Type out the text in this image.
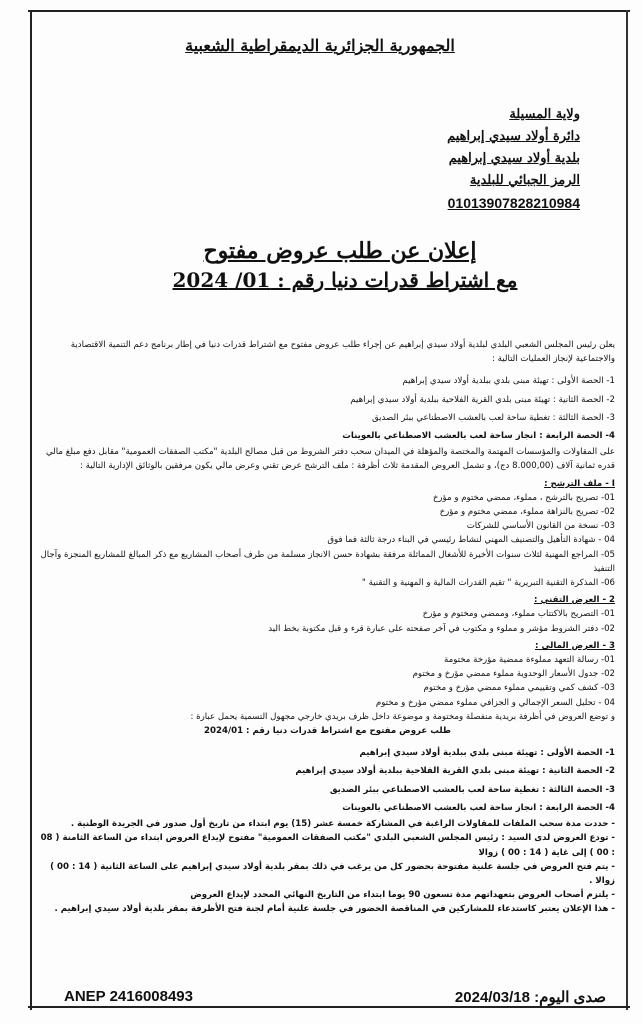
الجمهورية الجزائرية الديمقراطية الشعبية
ولاية المسيلة
دائرة أولاد سيدي إبراهيم
بلدية أولاد سيدي إبراهيم
الرمز الجبائي للبلدية
01013907828210984
إعلان عن طلب عروض مفتوح
مع اشتراط قدرات دنيا رقم : 01/ 2024

يعلن رئيس المجلس الشعبي البلدي لبلدية أولاد سيدي إبراهيم عن إجراء طلب عروض مفتوح مع اشتراط قدرات دنيا في إطار برنامج دعم التنمية الاقتصادية والاجتماعية لإنجاز العمليات التالية :

1- الحصة الأولى : تهيئة مبنى بلدي ببلدية أولاد سيدي إبراهيم

2- الحصة الثانية : تهيئة مبنى بلدي القرية الفلاحية ببلدية أولاد سيدي إبراهيم

3- الحصة الثالثة : تغطية ساحة لعب بالعشب الاصطناعي ببئر الصديق

4- الحصة الرابعة : انجاز ساحة لعب بالعشب الاصطناعي بالعوينات

على المقاولات والمؤسسات المهتمة والمختصة والمؤهلة في الميدان سحب دفتر الشروط من قبل مصالح البلدية "مكتب الصفقات العمومية" مقابل دفع مبلغ مالي قدره ثمانية آلاف (8.000,00 دج)، و تشمل العروض المقدمة ثلاث أظرفة : ملف الترشح عرض تقني وعرض مالي يكون مرفقين بالوثائق الإدارية التالية :

I - ملف الترشح :

01- تصريح بالترشح ، مملوء، ممضي مختوم و مؤرخ

02- تصريح بالنزاهة مملوء، ممضي مختوم و مؤرخ

03- نسخة من القانون الأساسي للشركات

04 - شهادة التأهيل والتصنيف المهني لنشاط رئيسي في البناء درجة ثالثة فما فوق

05- المراجع المهنية لثلاث سنوات الأخيرة للأشغال المماثلة مرفقة بشهادة حسن الانجاز مسلمة من طرف أصحاب المشاريع مع ذكر المبالغ للمشاريع المنجزة وآجال التنفيذ

06- المذكرة التقنية التبريرية " تقيم القدرات المالية و المهنية و التقنية "

2 - العرض التقني :

01- التصريح بالاكتتاب مملوء، وممضي ومختوم و مؤرخ

02- دفتر الشروط مؤشر و مملوء و مكتوب في آخر صفحته على عبارة قرء و قبل مكتوبة بخط اليد

3 - العرض المالي :

01- رسالة التعهد مملوءة ممضية مؤرخة مختومة

02- جدول الأسعار الوحدوية مملوء ممضي مؤرخ و مختوم

03- كشف كمي وتقييمي مملوء ممضي مؤرخ و مختوم

04 - تحليل السعر الإجمالي و الجزافي مملوء ممضي مؤرخ و مختوم

و توضع العروض في أظرفة بريدية منفصلة ومختومة و موضوعة داخل ظرف بريدي خارجي مجهول التسمية يحمل عبارة :

طلب عروض مفتوح مع اشتراط قدرات دنيا رقم : 2024/01

1- الحصة الأولى : تهيئة مبنى بلدي ببلدية أولاد سيدي إبراهيم

2- الحصة الثانية : تهيئة مبنى بلدي القرية الفلاحية ببلدية أولاد سيدي إبراهيم

3- الحصة الثالثة : تغطية ساحة لعب بالعشب الاصطناعي ببئر الصديق

4- الحصة الرابعة : انجاز ساحة لعب بالعشب الاصطناعي بالعوينات

- حددت مدة سحب الملفات للمقاولات الراغبة في المشاركة خمسة عشر (15) يوم ابتداء من تاريخ أول صدور في الجريدة الوطنية .

- تودع العروض لدى السيد : رئيس المجلس الشعبي البلدي "مكتب الصفقات العمومية" مفتوح لإيداع العروض ابتداء من الساعة الثامنة ( 08 : 00 ) إلى غاية ( 14 : 00 ) زوالا

- يتم فتح العروض في جلسة علنية مفتوحة بحضور كل من يرغب في ذلك بمقر بلدية أولاد سيدي إبراهيم على الساعة الثانية ( 14 : 00 ) زوالا .

- يلتزم أصحاب العروض بتعهداتهم مدة تسعون 90 يوما ابتداء من التاريخ النهائي المحدد لإيداع العروض

- هذا الإعلان يعتبر كاستدعاء للمشاركين في المناقصة الحضور في جلسة علنية أمام لجنة فتح الأظرفة بمقر بلدية أولاد سيدي إبراهيم .

ANEP 2416008493	2024/03/18 صدى اليوم:
